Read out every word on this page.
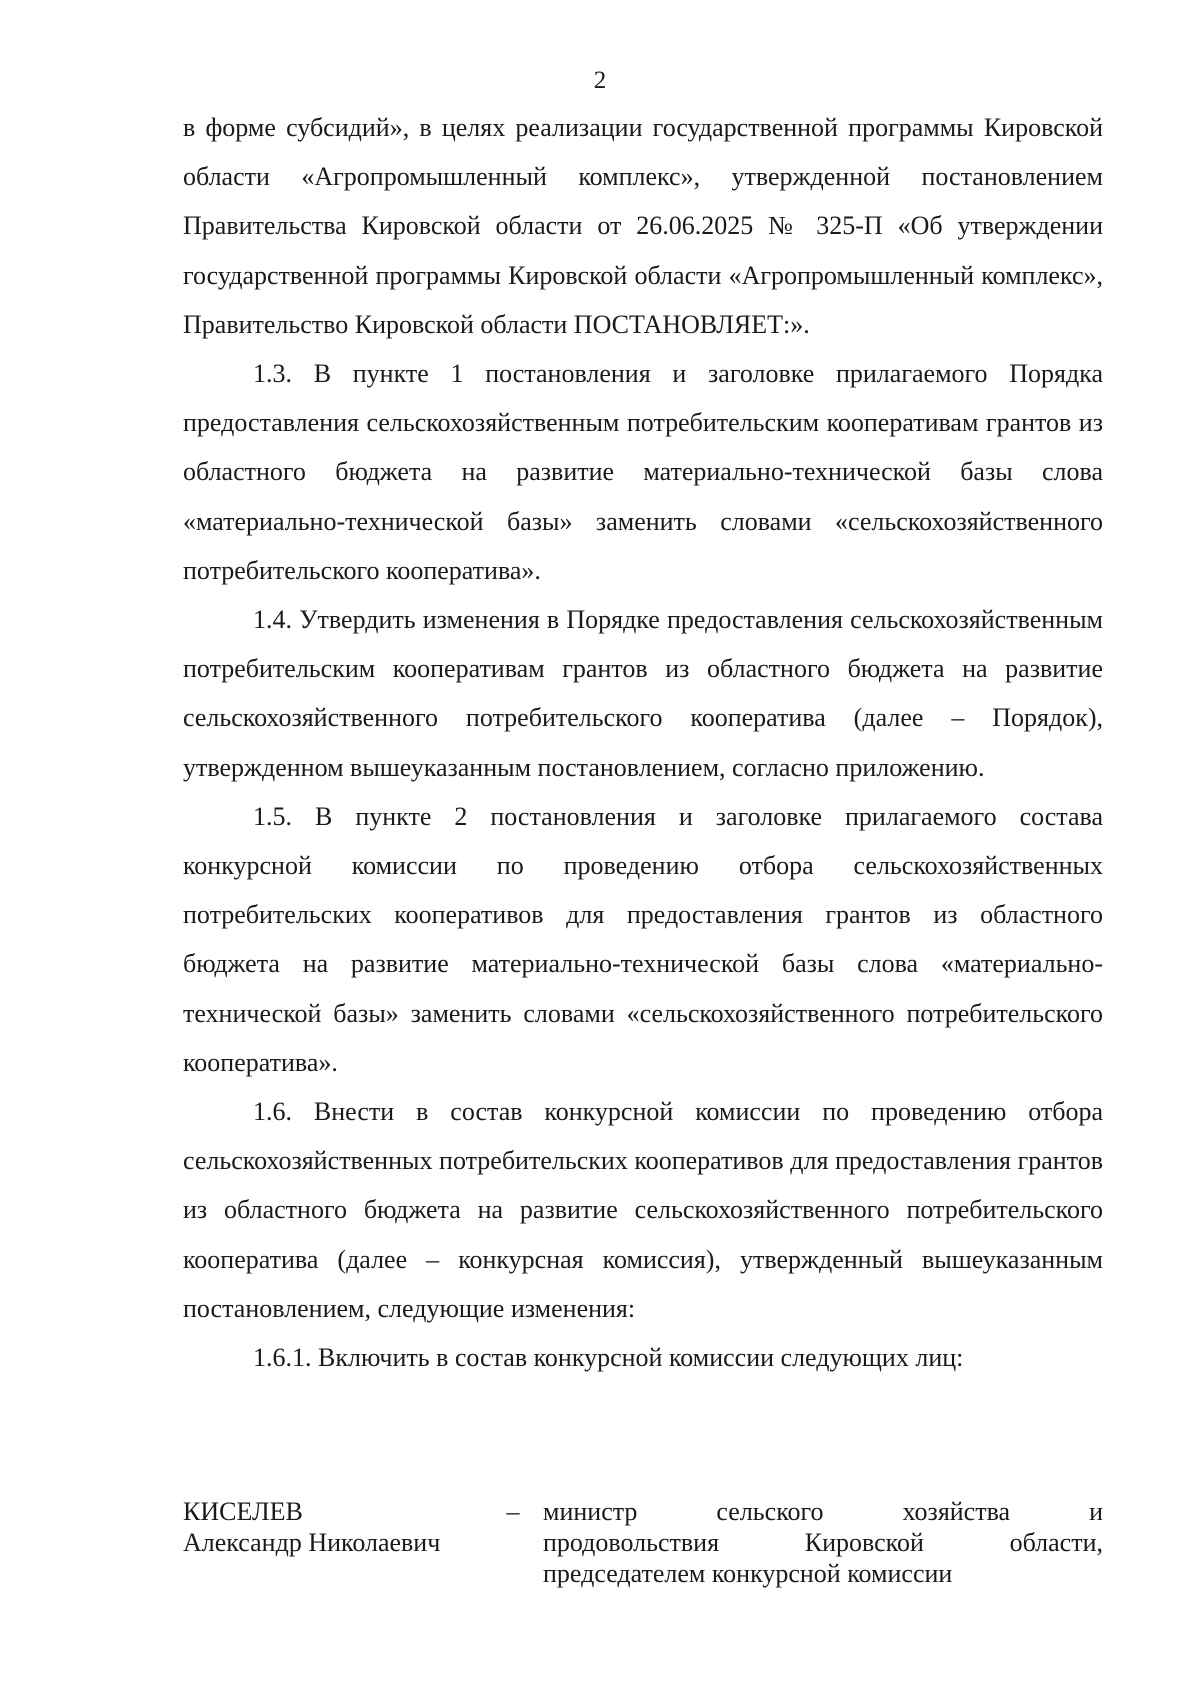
2

в форме субсидий», в целях реализации государственной программы Кировской области «Агропромышленный комплекс», утвержденной постановлением Правительства Кировской области от 26.06.2025 № 325-П «Об утверждении государственной программы Кировской области «Агропромышленный комплекс», Правительство Кировской области ПОСТАНОВЛЯЕТ:».

1.3. В пункте 1 постановления и заголовке прилагаемого Порядка предоставления сельскохозяйственным потребительским кооперативам грантов из областного бюджета на развитие материально-технической базы слова «материально-технической базы» заменить словами «сельскохозяйственного потребительского кооператива».

1.4. Утвердить изменения в Порядке предоставления сельскохозяйственным потребительским кооперативам грантов из областного бюджета на развитие сельскохозяйственного потребительского кооператива (далее – Порядок), утвержденном вышеуказанным постановлением, согласно приложению.

1.5. В пункте 2 постановления и заголовке прилагаемого состава конкурсной комиссии по проведению отбора сельскохозяйственных потребительских кооперативов для предоставления грантов из областного бюджета на развитие материально-технической базы слова «материально-технической базы» заменить словами «сельскохозяйственного потребительского кооператива».

1.6. Внести в состав конкурсной комиссии по проведению отбора сельскохозяйственных потребительских кооперативов для предоставления грантов из областного бюджета на развитие сельскохозяйственного потребительского кооператива (далее – конкурсная комиссия), утвержденный вышеуказанным постановлением, следующие изменения:

1.6.1. Включить в состав конкурсной комиссии следующих лиц:

КИСЕЛЕВ
Александр Николаевич
– министр сельского хозяйства и
продовольствия Кировской области,
председателем конкурсной комиссии
